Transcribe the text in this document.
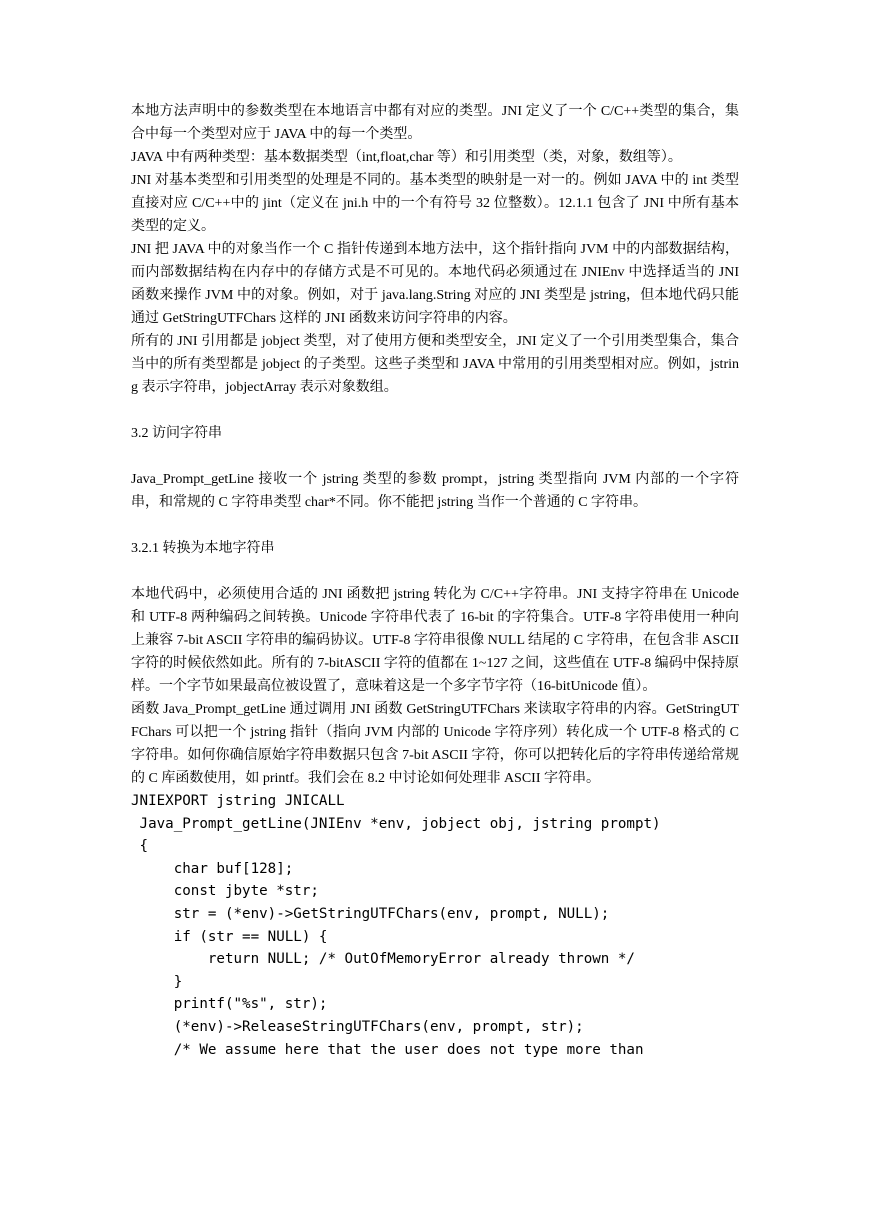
本地方法声明中的参数类型在本地语言中都有对应的类型。JNI 定义了一个 C/C++类型的集合，集合中每一个类型对应于 JAVA 中的每一个类型。

JAVA 中有两种类型：基本数据类型（int,float,char 等）和引用类型（类，对象，数组等）。

JNI 对基本类型和引用类型的处理是不同的。基本类型的映射是一对一的。例如 JAVA 中的 int 类型直接对应 C/C++中的 jint（定义在 jni.h 中的一个有符号 32 位整数）。12.1.1 包含了 JNI 中所有基本类型的定义。

JNI 把 JAVA 中的对象当作一个 C 指针传递到本地方法中，这个指针指向 JVM 中的内部数据结构，而内部数据结构在内存中的存储方式是不可见的。本地代码必须通过在 JNIEnv 中选择适当的 JNI 函数来操作 JVM 中的对象。例如，对于 java.lang.String 对应的 JNI 类型是 jstring，但本地代码只能通过 GetStringUTFChars 这样的 JNI 函数来访问字符串的内容。

所有的 JNI 引用都是 jobject 类型，对了使用方便和类型安全，JNI 定义了一个引用类型集合，集合当中的所有类型都是 jobject 的子类型。这些子类型和 JAVA 中常用的引用类型相对应。例如，jstring 表示字符串，jobjectArray 表示对象数组。

3.2 访问字符串

Java_Prompt_getLine 接收一个 jstring 类型的参数 prompt，jstring 类型指向 JVM 内部的一个字符串，和常规的 C 字符串类型 char*不同。你不能把 jstring 当作一个普通的 C 字符串。

3.2.1 转换为本地字符串

本地代码中，必须使用合适的 JNI 函数把 jstring 转化为 C/C++字符串。JNI 支持字符串在 Unicode 和 UTF-8 两种编码之间转换。Unicode 字符串代表了 16-bit 的字符集合。UTF-8 字符串使用一种向上兼容 7-bit ASCII 字符串的编码协议。UTF-8 字符串很像 NULL 结尾的 C 字符串，在包含非 ASCII 字符的时候依然如此。所有的 7-bitASCII 字符的值都在 1~127 之间，这些值在 UTF-8 编码中保持原样。一个字节如果最高位被设置了，意味着这是一个多字节字符（16-bitUnicode 值）。

函数 Java_Prompt_getLine 通过调用 JNI 函数 GetStringUTFChars 来读取字符串的内容。GetStringUTFChars 可以把一个 jstring 指针（指向 JVM 内部的 Unicode 字符序列）转化成一个 UTF-8 格式的 C 字符串。如何你确信原始字符串数据只包含 7-bit ASCII 字符，你可以把转化后的字符串传递给常规的 C 库函数使用，如 printf。我们会在 8.2 中讨论如何处理非 ASCII 字符串。

JNIEXPORT jstring JNICALL
Java_Prompt_getLine(JNIEnv *env, jobject obj, jstring prompt)
{
char buf[128];
const jbyte *str;
str = (*env)->GetStringUTFChars(env, prompt, NULL);
if (str == NULL) {
return NULL; /* OutOfMemoryError already thrown */
}
printf("%s", str);
(*env)->ReleaseStringUTFChars(env, prompt, str);
/* We assume here that the user does not type more than
